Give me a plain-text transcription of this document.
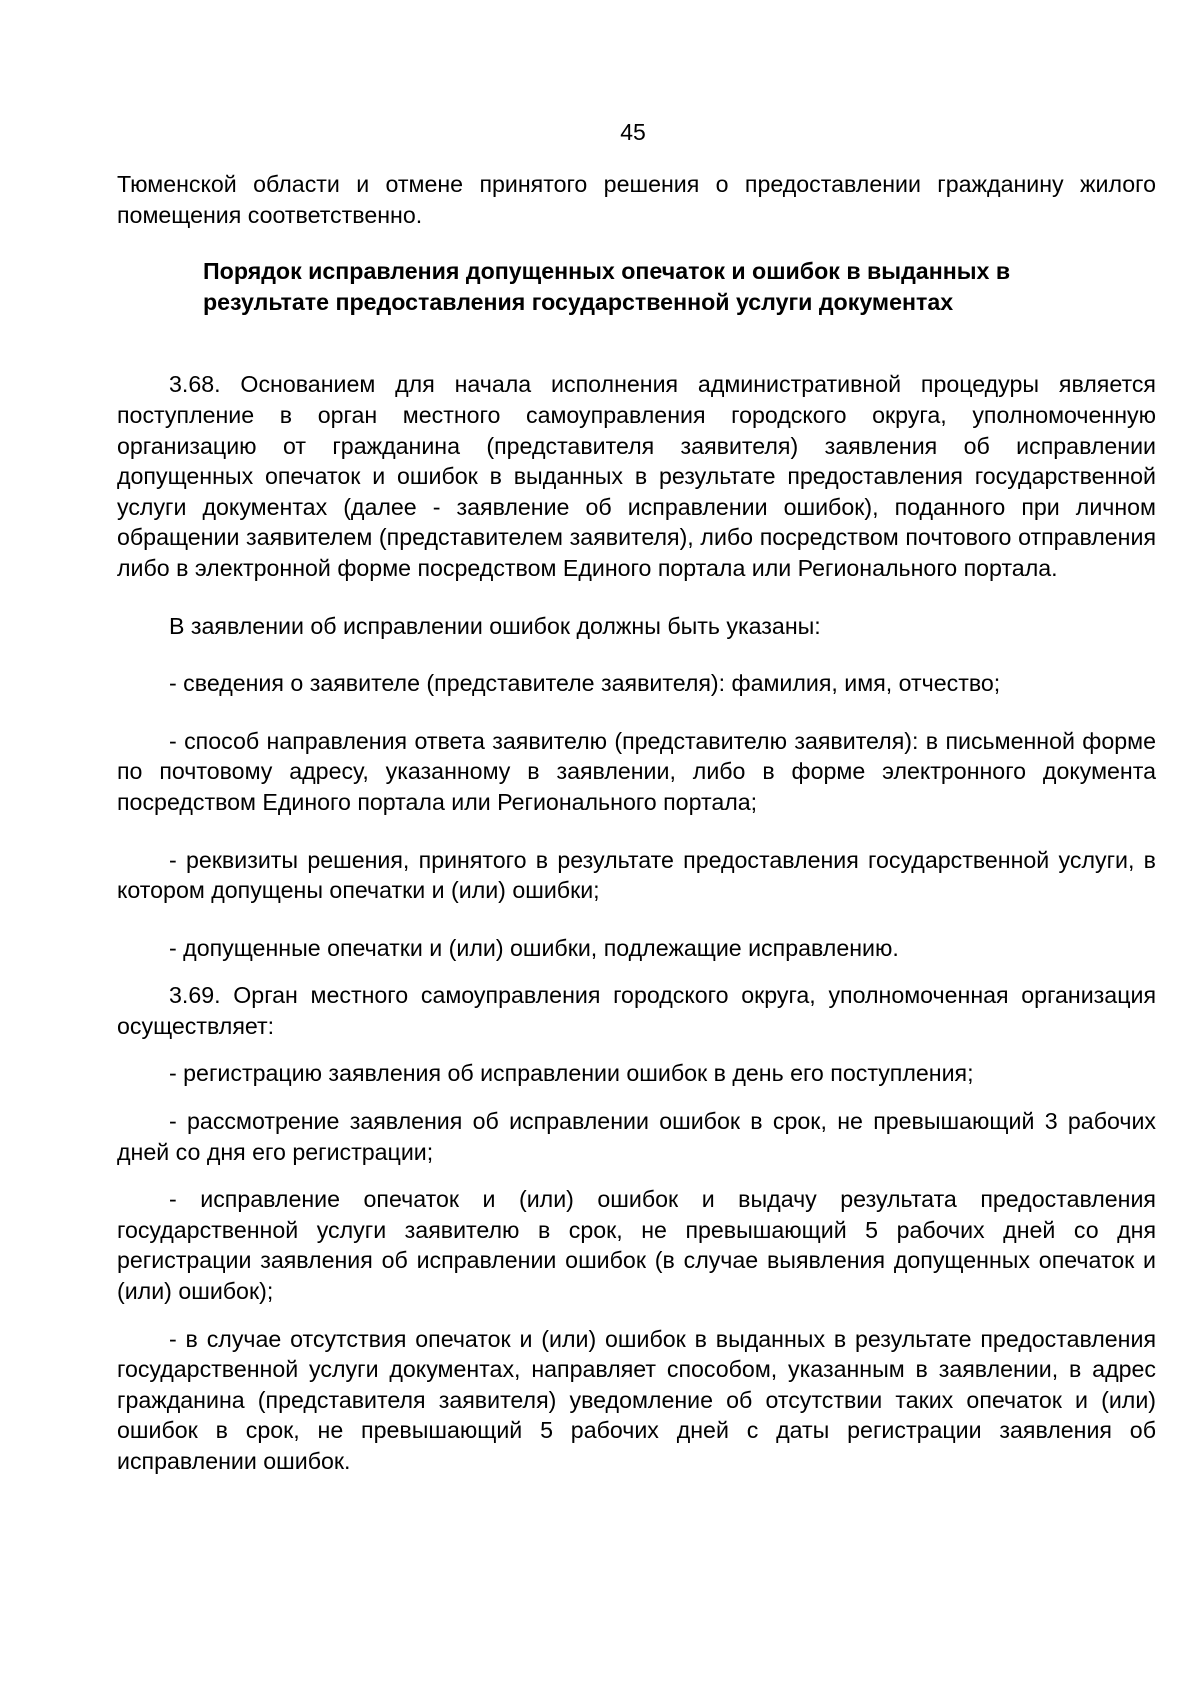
45

Тюменской области и отмене принятого решения о предоставлении гражданину жилого помещения соответственно.

Порядок исправления допущенных опечаток и ошибок в выданных в результате предоставления государственной услуги документах

3.68. Основанием для начала исполнения административной процедуры является поступление в орган местного самоуправления городского округа, уполномоченную организацию от гражданина (представителя заявителя) заявления об исправлении допущенных опечаток и ошибок в выданных в результате предоставления государственной услуги документах (далее - заявление об исправлении ошибок), поданного при личном обращении заявителем (представителем заявителя), либо посредством почтового отправления либо в электронной форме посредством Единого портала или Регионального портала.

В заявлении об исправлении ошибок должны быть указаны:

- сведения о заявителе (представителе заявителя): фамилия, имя, отчество;

- способ направления ответа заявителю (представителю заявителя): в письменной форме по почтовому адресу, указанному в заявлении, либо в форме электронного документа посредством Единого портала или Регионального портала;

- реквизиты решения, принятого в результате предоставления государственной услуги, в котором допущены опечатки и (или) ошибки;

- допущенные опечатки и (или) ошибки, подлежащие исправлению.

3.69. Орган местного самоуправления городского округа, уполномоченная организация осуществляет:

- регистрацию заявления об исправлении ошибок в день его поступления;

- рассмотрение заявления об исправлении ошибок в срок, не превышающий 3 рабочих дней со дня его регистрации;

- исправление опечаток и (или) ошибок и выдачу результата предоставления государственной услуги заявителю в срок, не превышающий 5 рабочих дней со дня регистрации заявления об исправлении ошибок (в случае выявления допущенных опечаток и (или) ошибок);

- в случае отсутствия опечаток и (или) ошибок в выданных в результате предоставления государственной услуги документах, направляет способом, указанным в заявлении, в адрес гражданина (представителя заявителя) уведомление об отсутствии таких опечаток и (или) ошибок в срок, не превышающий 5 рабочих дней с даты регистрации заявления об исправлении ошибок.
